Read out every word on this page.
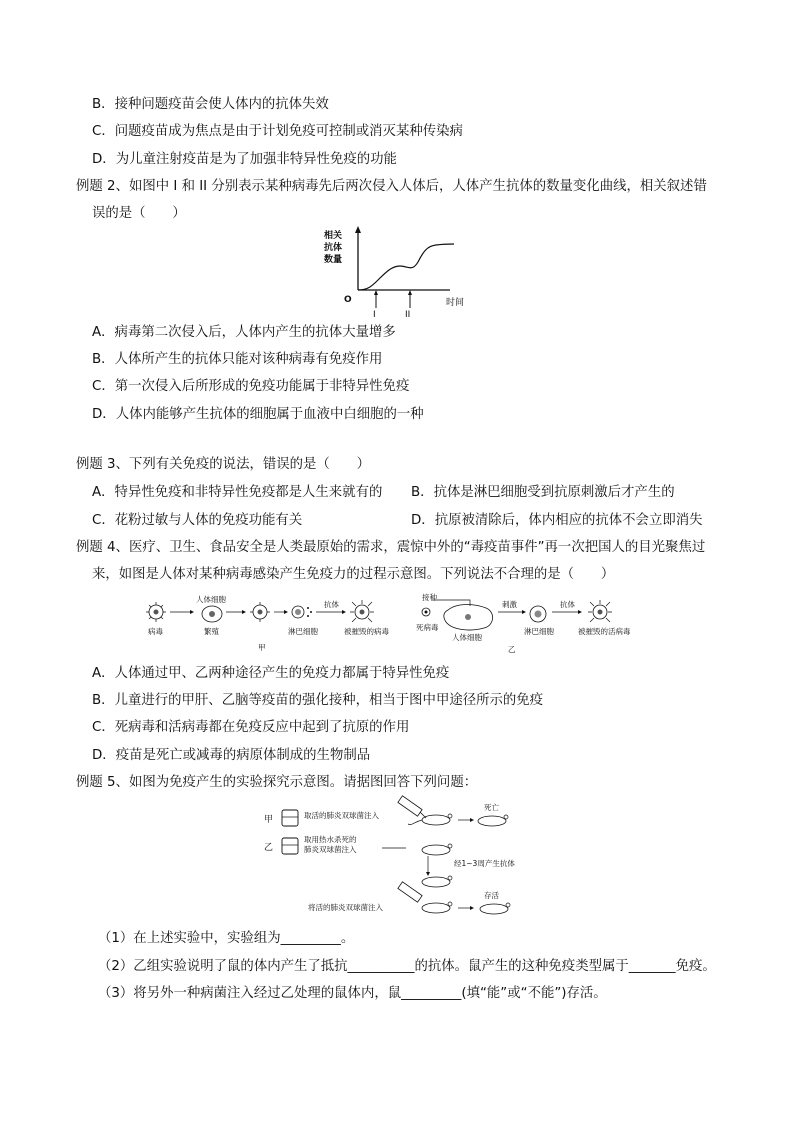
B．接种问题疫苗会使人体内的抗体失效
C．问题疫苗成为焦点是由于计划免疫可控制或消灭某种传染病
D．为儿童注射疫苗是为了加强非特异性免疫的功能
例题 2、如图中 I 和 II 分别表示某种病毒先后两次侵入人体后，人体产生抗体的数量变化曲线，相关叙述错
误的是（　　）
相关
抗体
数量
O	时间
I	II
A．病毒第二次侵入后，人体内产生的抗体大量增多
B．人体所产生的抗体只能对该种病毒有免疫作用
C．第一次侵入后所形成的免疫功能属于非特异性免疫
D．人体内能够产生抗体的细胞属于血液中白细胞的一种
例题 3、下列有关免疫的说法，错误的是（　　）
A．特异性免疫和非特异性免疫都是人生来就有的 B．抗体是淋巴细胞受到抗原刺激后才产生的
C．花粉过敏与人体的免疫功能有关	D．抗原被清除后，体内相应的抗体不会立即消失
例题 4、医疗、卫生、食品安全是人类最原始的需求，震惊中外的“毒疫苗事件”再一次把国人的目光聚焦过
来，如图是人体对某种病毒感染产生免疫力的过程示意图。下列说法不合理的是（　　）
病毒
人体细胞
繁殖	淋巴细胞
抗体
被摧毁的病毒
甲
接种
死病毒
人体细胞
刺激
淋巴细胞
抗体
被摧毁的活病毒
乙
A．人体通过甲、乙两种途径产生的免疫力都属于特异性免疫
B．儿童进行的甲肝、乙脑等疫苗的强化接种，相当于图中甲途径所示的免疫
C．死病毒和活病毒都在免疫反应中起到了抗原的作用
D．疫苗是死亡或减毒的病原体制成的生物制品
例题 5、如图为免疫产生的实验探究示意图。请据图回答下列问题：
甲	取活的肺炎双球菌注入
死亡
乙
取用热水杀死的
肺炎双球菌注入
经1~3周产生抗体
将活的肺炎双球菌注入
存活
（1）在上述实验中，实验组为_________。
（2）乙组实验说明了鼠的体内产生了抵抗__________的抗体。鼠产生的这种免疫类型属于_______免疫。
（3）将另外一种病菌注入经过乙处理的鼠体内，鼠_________(填“能”或“不能”)存活。
